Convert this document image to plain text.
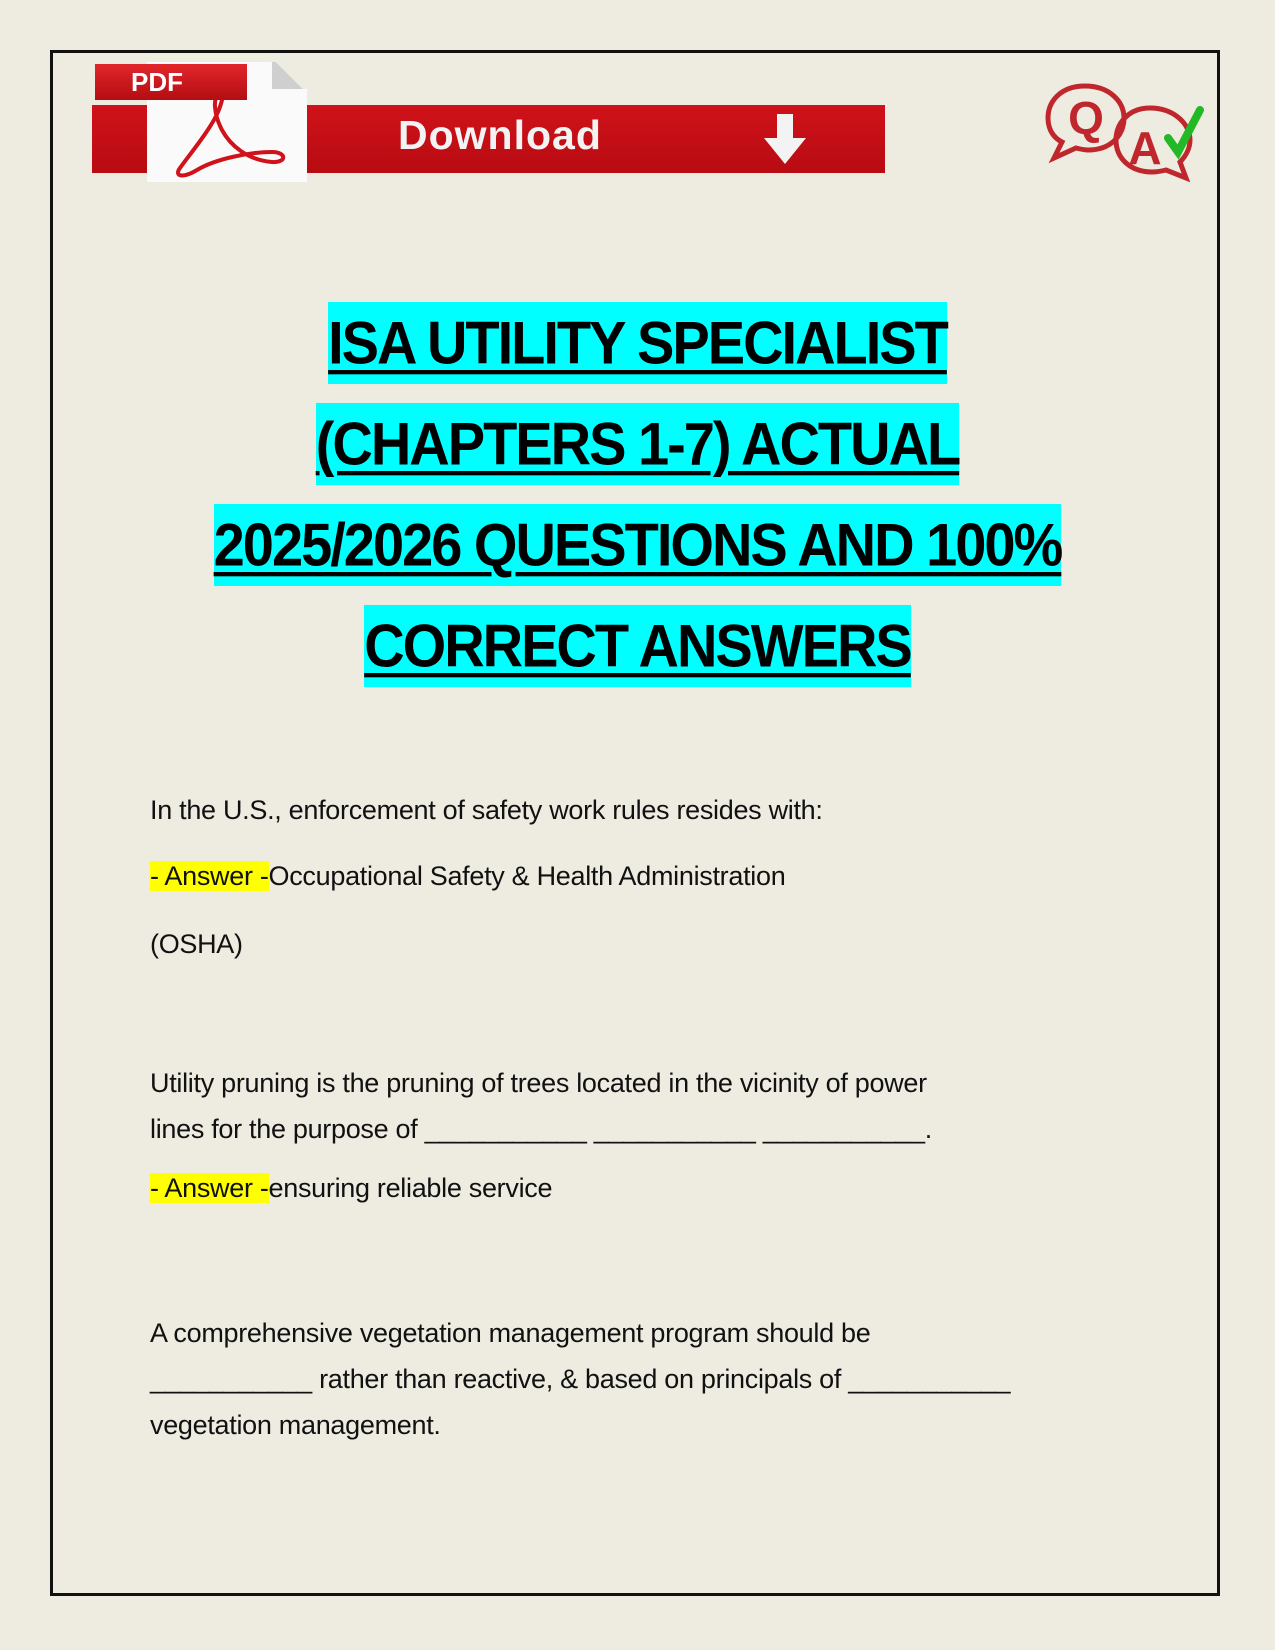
PDF
Download	Q
A
ISA UTILITY SPECIALIST
(CHAPTERS 1-7) ACTUAL
2025/2026 QUESTIONS AND 100%
CORRECT ANSWERS

In the U.S., enforcement of safety work rules resides with:

- Answer -Occupational Safety & Health Administration

(OSHA)

Utility pruning is the pruning of trees located in the vicinity of power

lines for the purpose of ___________ ___________ ___________.

- Answer -ensuring reliable service

A comprehensive vegetation management program should be

___________ rather than reactive, & based on principals of ___________

vegetation management.
